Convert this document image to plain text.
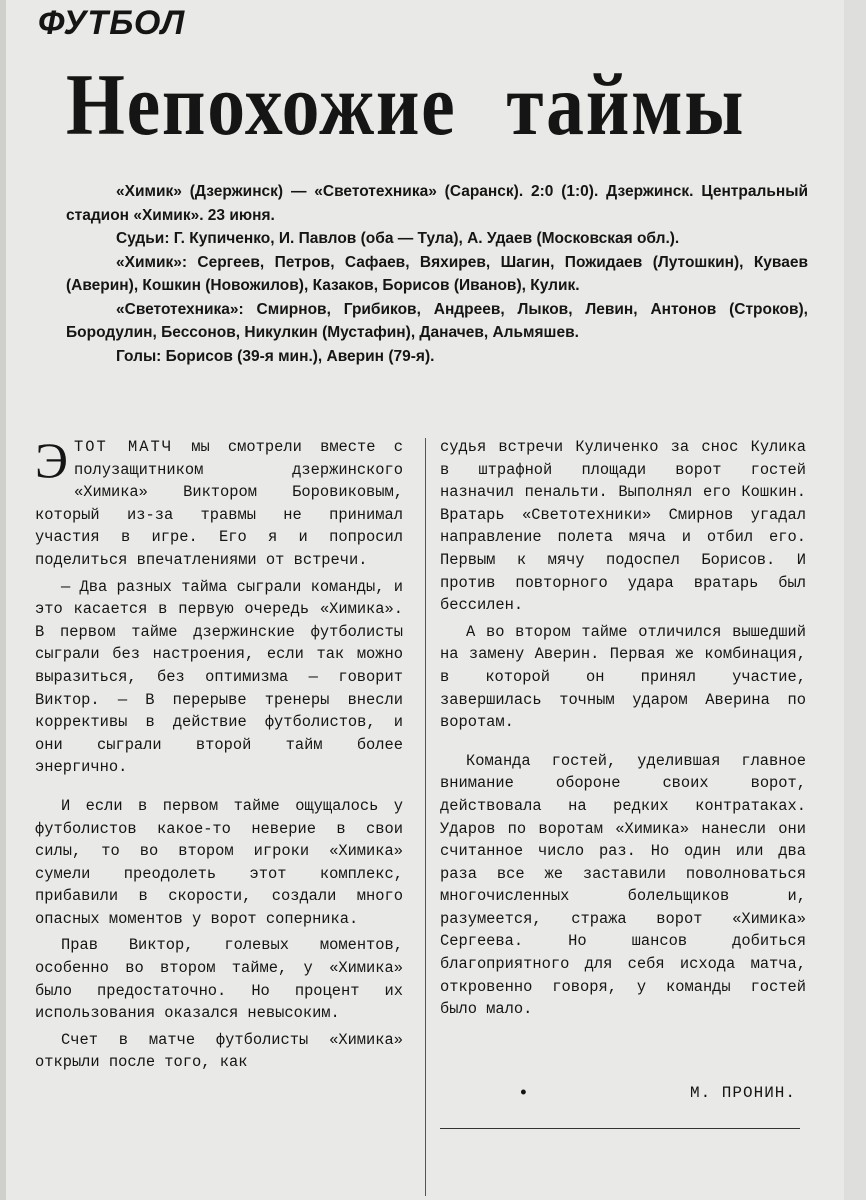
ФУТБОЛ
Непохожие таймы

«Химик» (Дзержинск) — «Светотехника» (Саранск). 2:0 (1:0). Дзержинск. Центральный стадион «Химик». 23 июня.

Судьи: Г. Купиченко, И. Павлов (оба — Тула), А. Удаев (Московская обл.).

«Химик»: Сергеев, Петров, Сафаев, Вяхирев, Шагин, Пожидаев (Лутошкин), Куваев (Аверин), Кошкин (Новожилов), Казаков, Борисов (Иванов), Кулик.

«Светотехника»: Смирнов, Грибиков, Андреев, Лыков, Левин, Антонов (Строков), Бородулин, Бессонов, Никулкин (Мустафин), Даначев, Альмяшев.

Голы: Борисов (39-я мин.), Аверин (79-я).

ЭТОТ МАТЧ мы смотрели вместе с полузащитником дзержинского «Химика» Виктором Боровиковым, который из-за травмы не принимал участия в игре. Его я и попросил поделиться впечатлениями от встречи.

— Два разных тайма сыграли команды, и это касается в первую очередь «Химика». В первом тайме дзержинские футболисты сыграли без настроения, если так можно выразиться, без оптимизма — говорит Виктор. — В перерыве тренеры внесли коррективы в действие футболистов, и они сыграли второй тайм более энергично.

И если в первом тайме ощущалось у футболистов какое-то неверие в свои силы, то во втором игроки «Химика» сумели преодолеть этот комплекс, прибавили в скорости, создали много опасных моментов у ворот соперника.

Прав Виктор, голевых моментов, особенно во втором тайме, у «Химика» было предостаточно. Но процент их использования оказался невысоким.

Счет в матче футболисты «Химика» открыли после того, как

судья встречи Куличенко за снос Кулика в штрафной площади ворот гостей назначил пенальти. Выполнял его Кошкин. Вратарь «Светотехники» Смирнов угадал направление полета мяча и отбил его. Первым к мячу подоспел Борисов. И против повторного удара вратарь был бессилен.

А во втором тайме отличился вышедший на замену Аверин. Первая же комбинация, в которой он принял участие, завершилась точным ударом Аверина по воротам.

Команда гостей, уделившая главное внимание обороне своих ворот, действовала на редких контратаках. Ударов по воротам «Химика» нанесли они считанное число раз. Но один или два раза все же заставили поволноваться многочисленных болельщиков и, разумеется, стража ворот «Химика» Сергеева. Но шансов добиться благоприятного для себя исхода матча, откровенно говоря, у команды гостей было мало.

•	М. ПРОНИН.
